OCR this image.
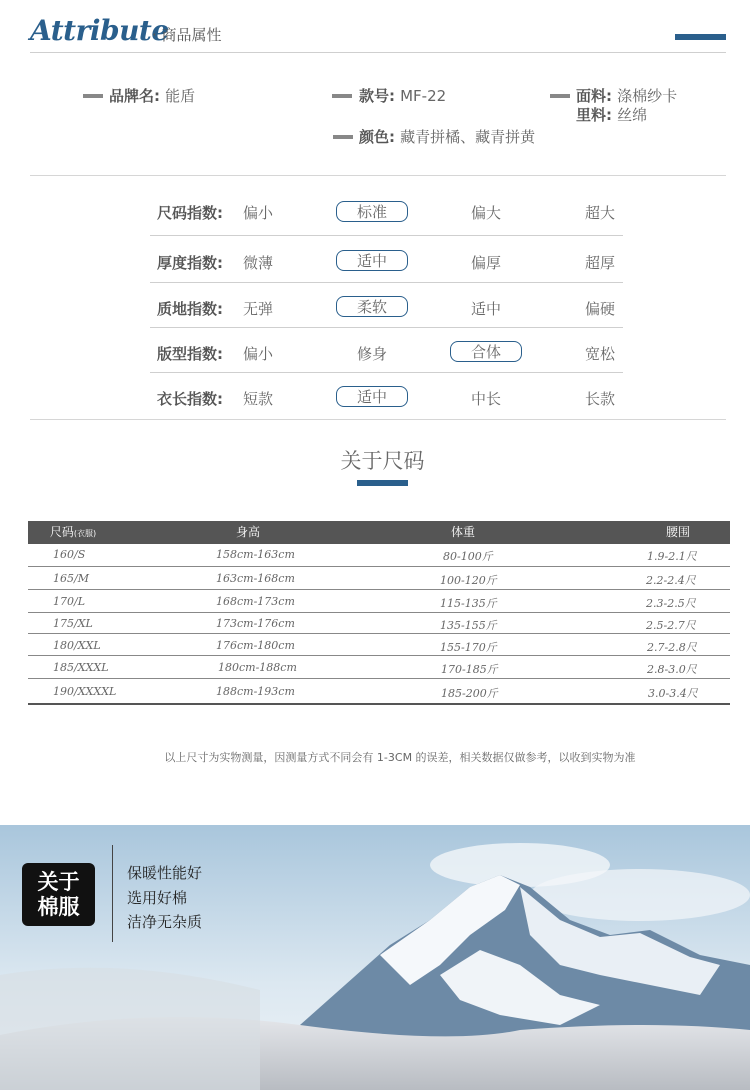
Attribute
· 商品属性
品牌名: 能盾	款号: MF-22	面料: 涤棉纱卡
里料: 丝绵
颜色: 藏青拼橘、藏青拼黄
尺码指数:	偏小	标准	偏大	超大
厚度指数:	微薄	适中	偏厚	超厚
质地指数:	无弹	柔软	适中	偏硬
版型指数:	偏小	修身	合体	宽松
衣长指数:	短款	适中	中长	长款
关于尺码
尺码(衣服)	身高	体重	腰围
160/S	158cm-163cm	80-100斤	1.9-2.1尺
165/M	163cm-168cm	100-120斤	2.2-2.4尺
170/L	168cm-173cm	115-135斤	2.3-2.5尺
175/XL	173cm-176cm	135-155斤	2.5-2.7尺
180/XXL	176cm-180cm	155-170斤	2.7-2.8尺
185/XXXL	180cm-188cm	170-185斤	2.8-3.0尺
190/XXXXL	188cm-193cm	185-200斤	3.0-3.4尺
以上尺寸为实物测量，因测量方式不同会有 1-3CM 的误差，相关数据仅做参考，以收到实物为准
关于
棉服
保暖性能好
选用好棉
洁净无杂质
